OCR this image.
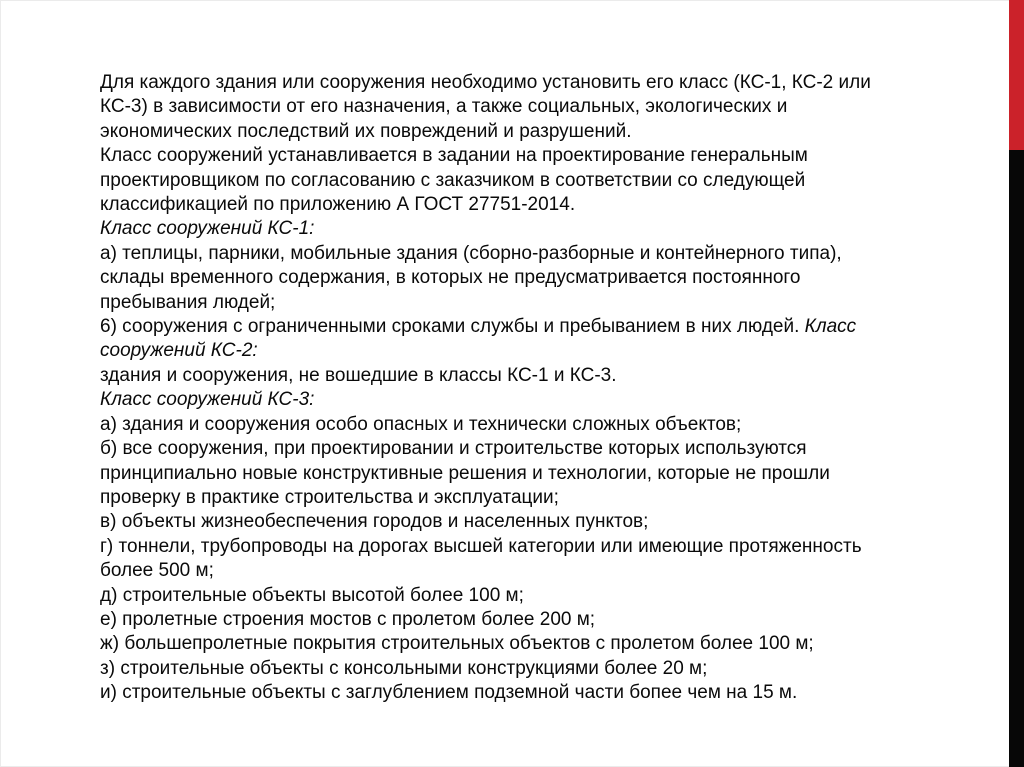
Для каждого здания или сооружения необходимо установить его класс (КС-1, КС-2 или
КС-3) в зависимости от его назначения, а также социальных, экологических и
экономических последствий их повреждений и разрушений.
Класс сооружений устанавливается в задании на проектирование генеральным
проектировщиком по согласованию с заказчиком в соответствии со следующей
классификацией по приложению А ГОСТ 27751-2014.
Класс сооружений КС-1:
а) теплицы, парники, мобильные здания (сборно-разборные и контейнерного типа),
склады временного содержания, в которых не предусматривается постоянного
пребывания людей;
6) сооружения с ограниченными сроками службы и пребыванием в них людей. Класс
сооружений КС-2:
здания и сооружения, не вошедшие в классы КС-1 и КС-3.
Класс сооружений КС-3:
а) здания и сооружения особо опасных и технически сложных объектов;
б) все сооружения, при проектировании и строительстве которых используются
принципиально новые конструктивные решения и технологии, которые не прошли
проверку в практике строительства и эксплуатации;
в) объекты жизнеобеспечения городов и населенных пунктов;
г) тоннели, трубопроводы на дорогах высшей категории или имеющие протяженность
более 500 м;
д) строительные объекты высотой более 100 м;
е) пролетные строения мостов с пролетом более 200 м;
ж) большепролетные покрытия строительных объектов с пролетом более 100 м;
з) строительные объекты с консольными конструкциями более 20 м;
и) строительные объекты с заглублением подземной части бопее чем на 15 м.
